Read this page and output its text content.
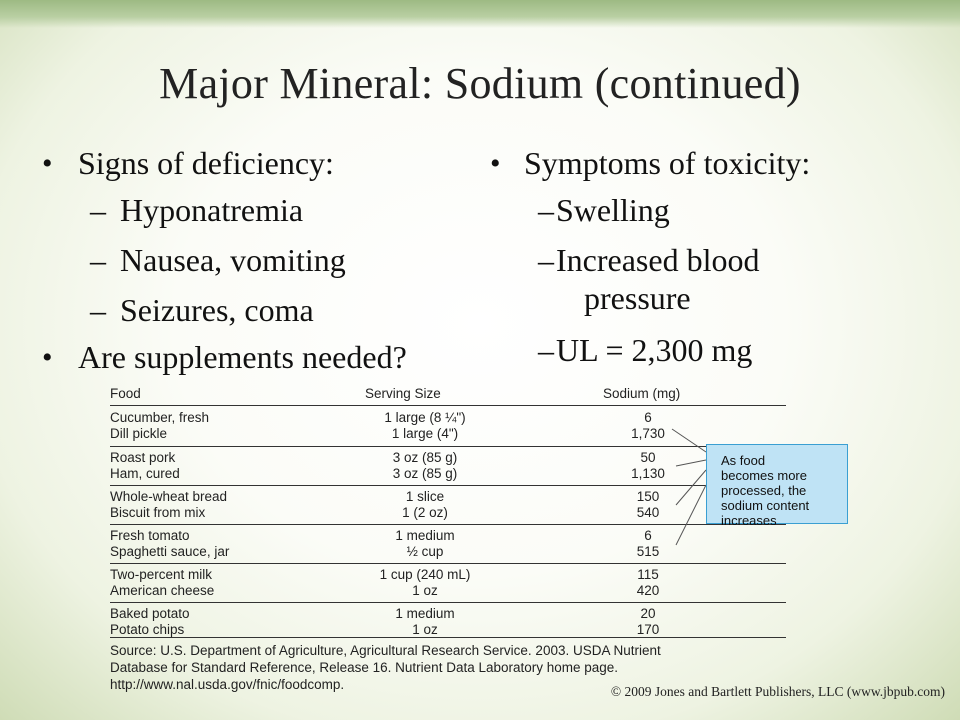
Major Mineral: Sodium (continued)
• Signs of deficiency:
– Hyponatremia
– Nausea, vomiting
– Seizures, coma
• Are supplements needed?
• Symptoms of toxicity:
– Swelling
– Increased blood
pressure
– UL = 2,300 mg
Food	Serving Size	Sodium (mg)
Cucumber, fresh	1 large (8 ¼")	6
Dill pickle	1 large (4")	1,730
Roast pork	3 oz (85 g)	50
Ham, cured	3 oz (85 g)	1,130
Whole-wheat bread	1 slice	150
Biscuit from mix	1 (2 oz)	540
Fresh tomato	1 medium	6
Spaghetti sauce, jar	½ cup	515
Two-percent milk	1 cup (240 mL)	115
American cheese	1 oz	420
Baked potato	1 medium	20
Potato chips	1 oz	170
Source: U.S. Department of Agriculture, Agricultural Research Service. 2003. USDA Nutrient
Database for Standard Reference, Release 16. Nutrient Data Laboratory home page.
http://www.nal.usda.gov/fnic/foodcomp.
As food
becomes more
processed, the
sodium content
increases
© 2009 Jones and Bartlett Publishers, LLC (www.jbpub.com)
